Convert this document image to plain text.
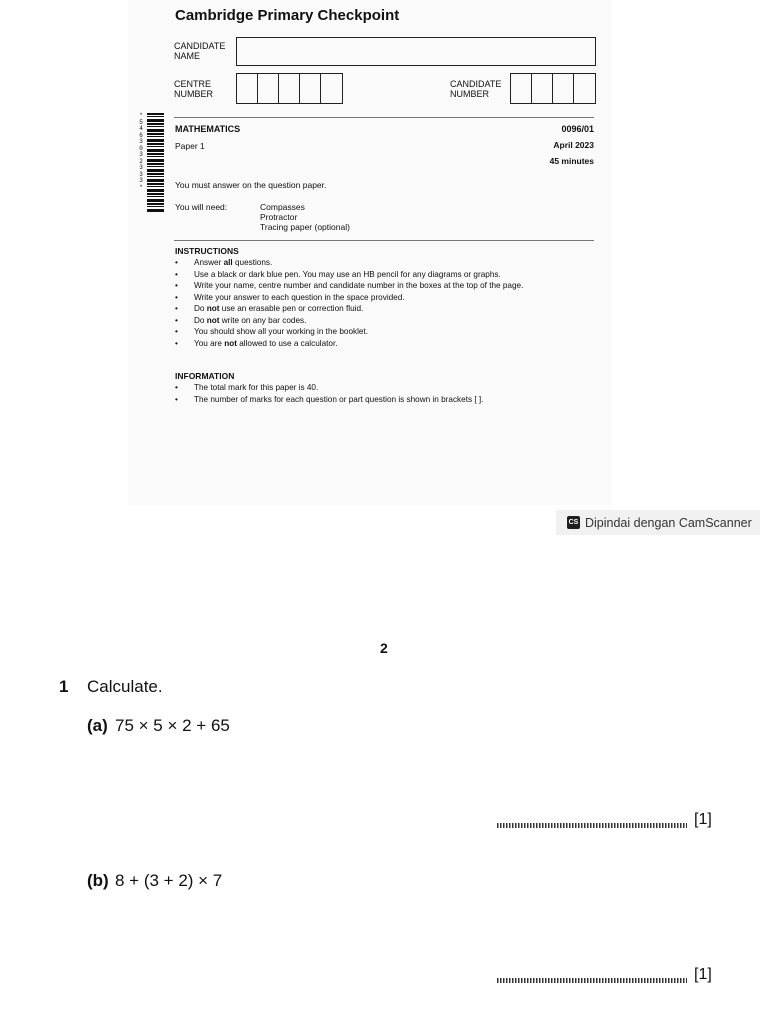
Cambridge Primary Checkpoint
CANDIDATE
NAME
CENTRE
NUMBER
CANDIDATE
NUMBER
* 5 4 6 3 0 3 2 3 3 3 *
MATHEMATICS	0096/01
Paper 1	April 2023
45 minutes
You must answer on the question paper.
You will need:	Compasses
Protractor
Tracing paper (optional)
INSTRUCTIONS
• Answer all questions.
• Use a black or dark blue pen. You may use an HB pencil for any diagrams or graphs.
• Write your name, centre number and candidate number in the boxes at the top of the page.
• Write your answer to each question in the space provided.
• Do not use an erasable pen or correction fluid.
• Do not write on any bar codes.
• You should show all your working in the booklet.
• You are not allowed to use a calculator.
INFORMATION
• The total mark for this paper is 40.
• The number of marks for each question or part question is shown in brackets [ ].
CS Dipindai dengan CamScanner
2
1 Calculate.
(a) 75 × 5 × 2 + 65
[1]
(b) 8 + (3 + 2) × 7
[1]
